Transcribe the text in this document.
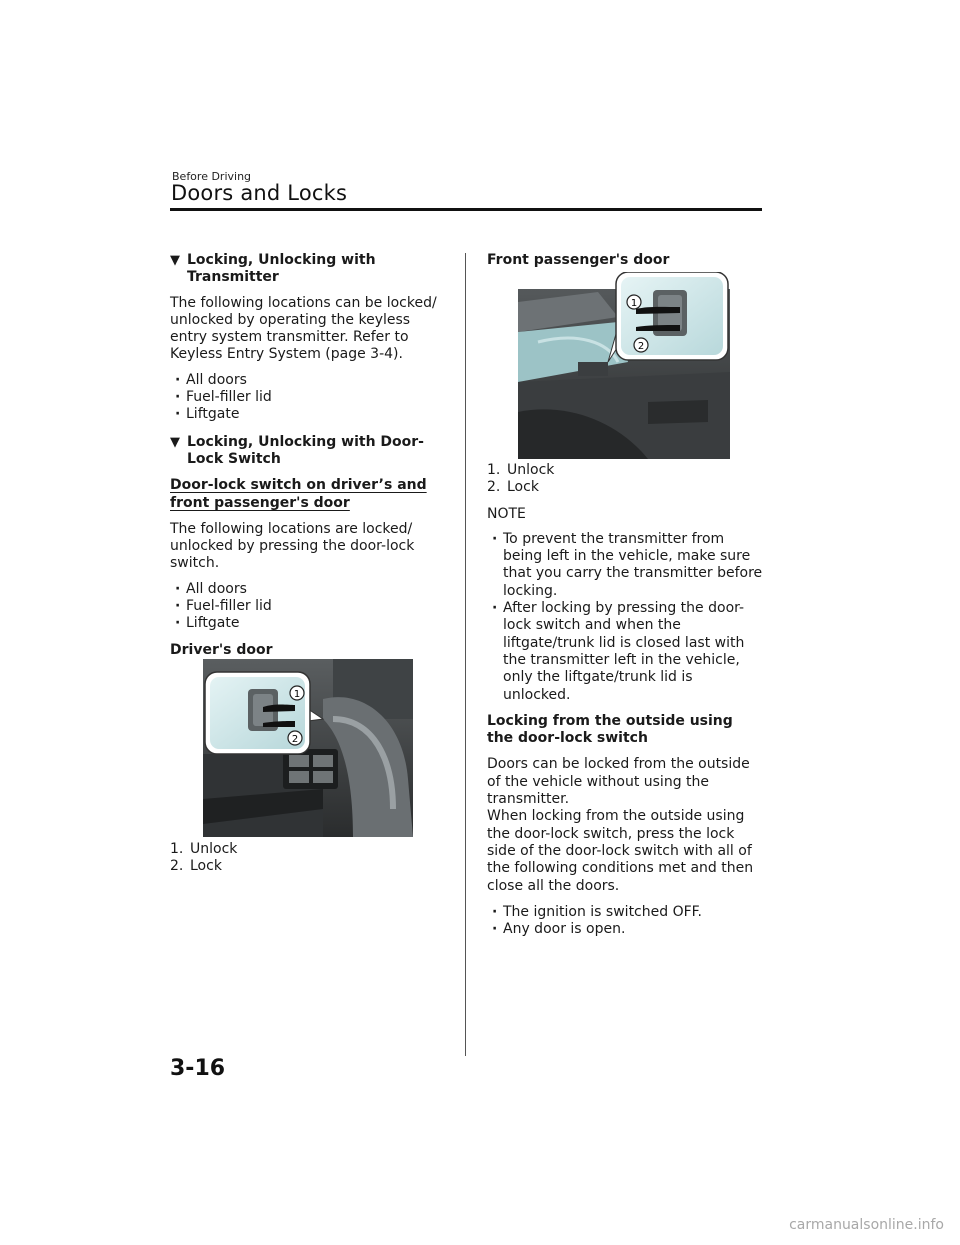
Before Driving
Doors and Locks
▼ Locking, Unlocking with Transmitter

The following locations can be locked/ unlocked by operating the keyless entry system transmitter. Refer to Keyless Entry System (page 3-4).

· All doors
· Fuel-filler lid
· Liftgate
▼ Locking, Unlocking with Door-Lock Switch

Door-lock switch on driver’s and front passenger's door

The following locations are locked/ unlocked by pressing the door-lock switch.

· All doors
· Fuel-filler lid
· Liftgate

Driver's door

1
2
1. Unlock
2. Lock

Front passenger's door

1
2
1. Unlock
2. Lock

NOTE

· To prevent the transmitter from being left in the vehicle, make sure that you carry the transmitter before locking.
· After locking by pressing the door-lock switch and when the liftgate/trunk lid is closed last with the transmitter left in the vehicle, only the liftgate/trunk lid is unlocked.

Locking from the outside using the door-lock switch

Doors can be locked from the outside of the vehicle without using the transmitter.

When locking from the outside using the door-lock switch, press the lock side of the door-lock switch with all of the following conditions met and then close all the doors.

· The ignition is switched OFF.
· Any door is open.
3-16
carmanualsonline.info
